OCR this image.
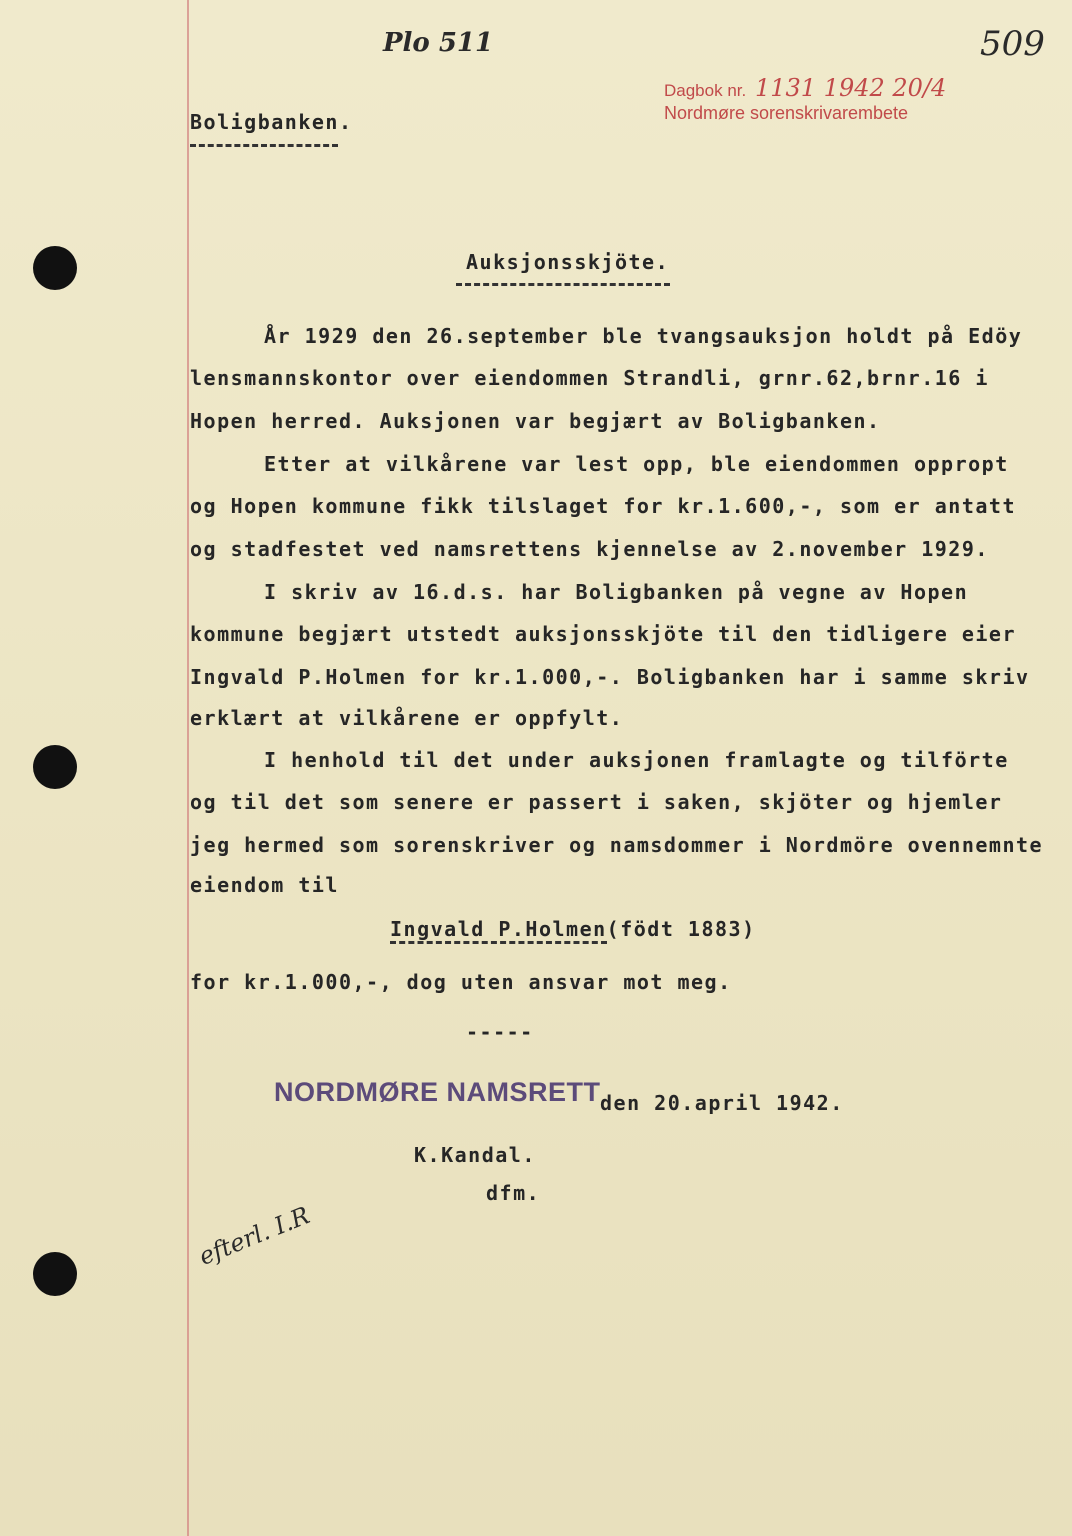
509
Plo 511
Dagbok nr. 1131 1942 20/4
Nordmøre sorenskrivarembete
Boligbanken.
Auksjonsskjöte.
År 1929 den 26.september ble tvangsauksjon holdt på Edöy
lensmannskontor over eiendommen Strandli, grnr.62,brnr.16 i
Hopen herred. Auksjonen var begjært av Boligbanken.
Etter at vilkårene var lest opp, ble eiendommen oppropt
og Hopen kommune fikk tilslaget for kr.1.600,-, som er antatt
og stadfestet ved namsrettens kjennelse av 2.november 1929.
I skriv av 16.d.s. har Boligbanken på vegne av Hopen
kommune begjært utstedt auksjonsskjöte til den tidligere eier
Ingvald P.Holmen for kr.1.000,-. Boligbanken har i samme skriv
erklært at vilkårene er oppfylt.
I henhold til det under auksjonen framlagte og tilförte
og til det som senere er passert i saken, skjöter og hjemler
jeg hermed som sorenskriver og namsdommer i Nordmöre ovennemnte
eiendom til
Ingvald P.Holmen(födt 1883)
for kr.1.000,-, dog uten ansvar mot meg.
-----
NORDMØRE NAMSRETT den 20.april 1942.
K.Kandal.
dfm.
efterl. I.R
